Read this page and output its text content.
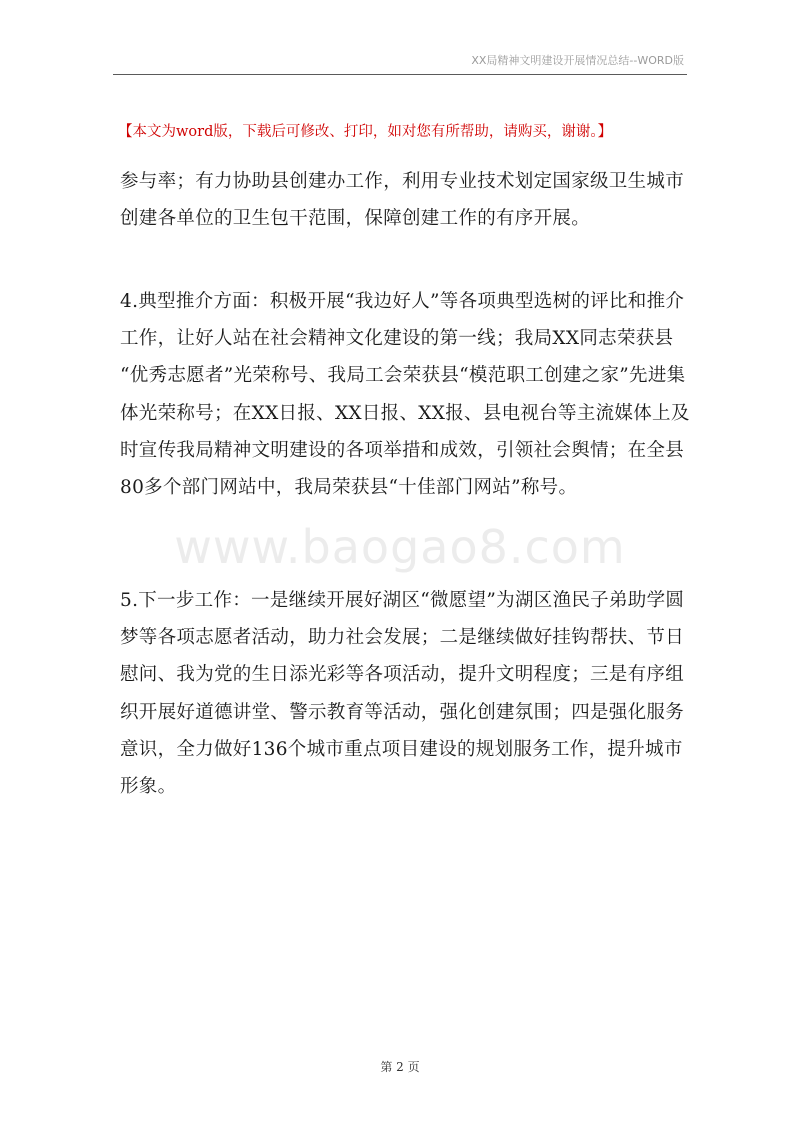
XX局精神文明建设开展情况总结--WORD版
【本文为word版，下载后可修改、打印，如对您有所帮助，请购买，谢谢。】
www.baogao8.com
参与率；有力协助县创建办工作，利用专业技术划定国家级卫生城市
创建各单位的卫生包干范围，保障创建工作的有序开展。
4.典型推介方面：积极开展“我边好人”等各项典型选树的评比和推介
工作，让好人站在社会精神文化建设的第一线；我局XX同志荣获县
“优秀志愿者”光荣称号、我局工会荣获县“模范职工创建之家”先进集
体光荣称号；在XX日报、XX日报、XX报、县电视台等主流媒体上及
时宣传我局精神文明建设的各项举措和成效，引领社会舆情；在全县
80多个部门网站中，我局荣获县“十佳部门网站”称号。
5.下一步工作：一是继续开展好湖区“微愿望”为湖区渔民子弟助学圆
梦等各项志愿者活动，助力社会发展；二是继续做好挂钩帮扶、节日
慰问、我为党的生日添光彩等各项活动，提升文明程度；三是有序组
织开展好道德讲堂、警示教育等活动，强化创建氛围；四是强化服务
意识，全力做好136个城市重点项目建设的规划服务工作，提升城市
形象。
第 2 页
